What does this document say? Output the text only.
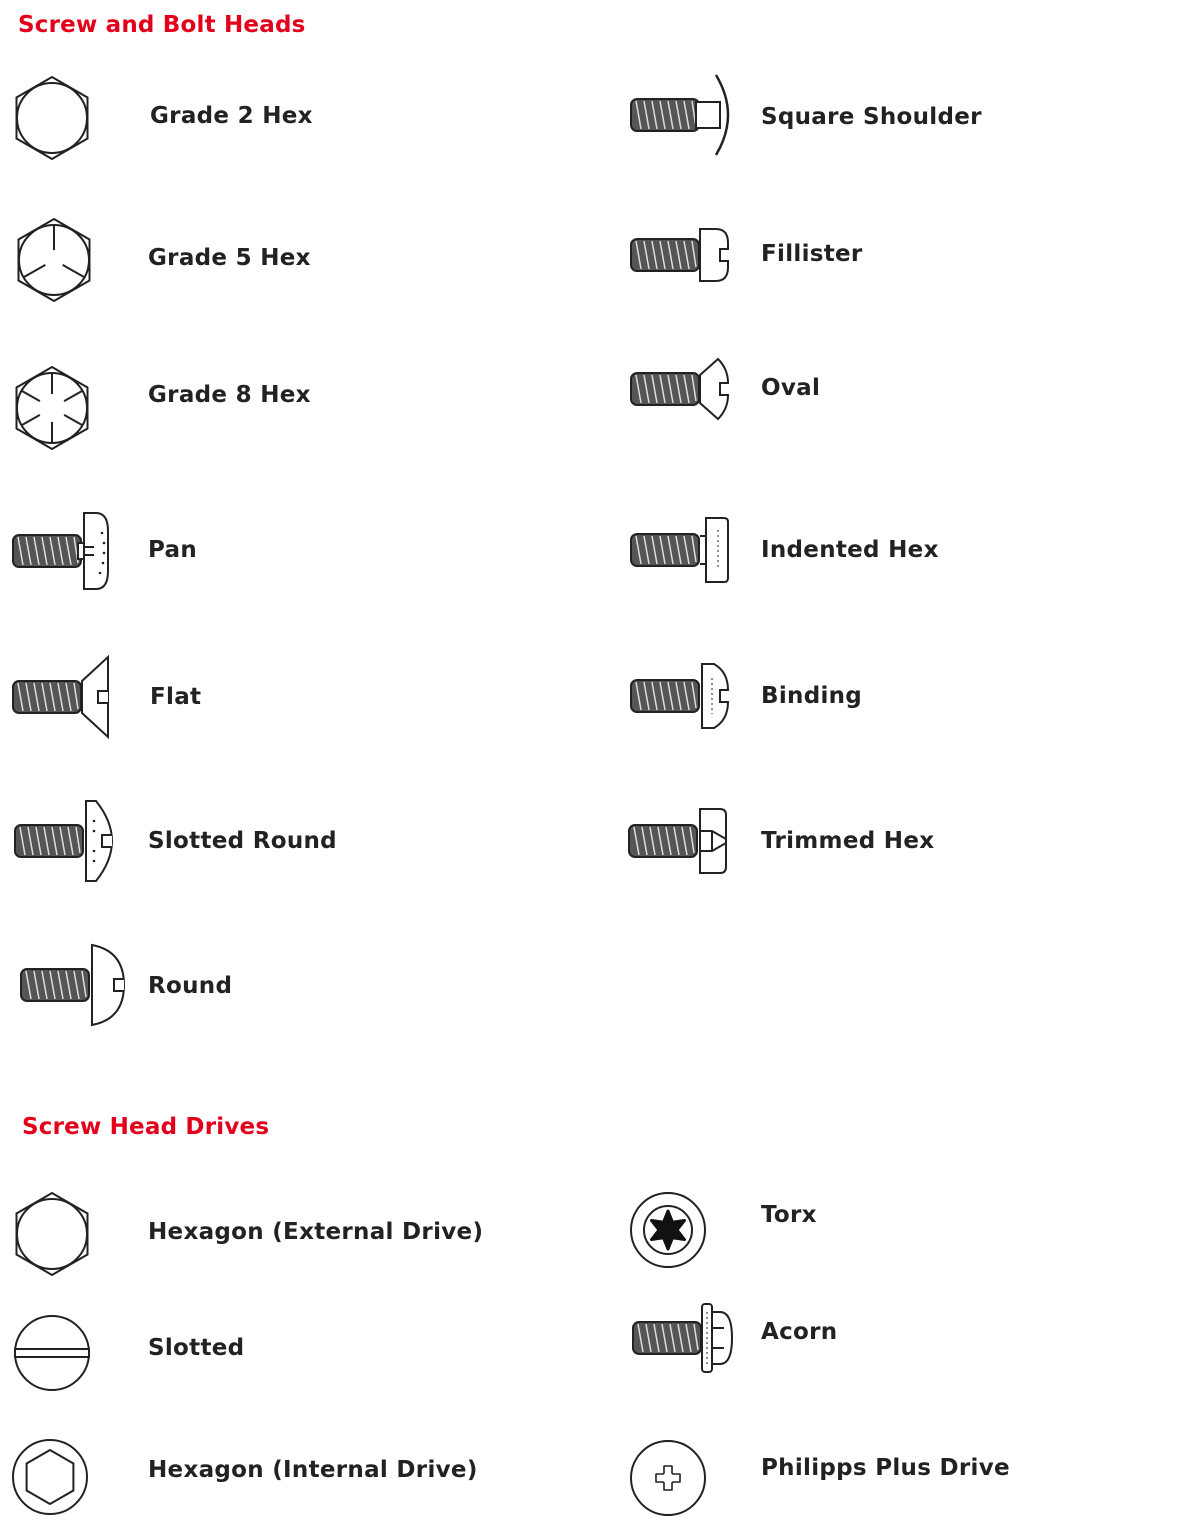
Screw and Bolt Heads
Screw Head Drives
Grade 2 Hex
Grade 5 Hex
Grade 8 Hex
Pan
Flat
Slotted Round
Round
Square Shoulder
Fillister
Oval
Indented Hex
Binding
Trimmed Hex
Hexagon (External Drive)
Slotted
Hexagon (Internal Drive)
Torx
Acorn
Philipps Plus Drive
